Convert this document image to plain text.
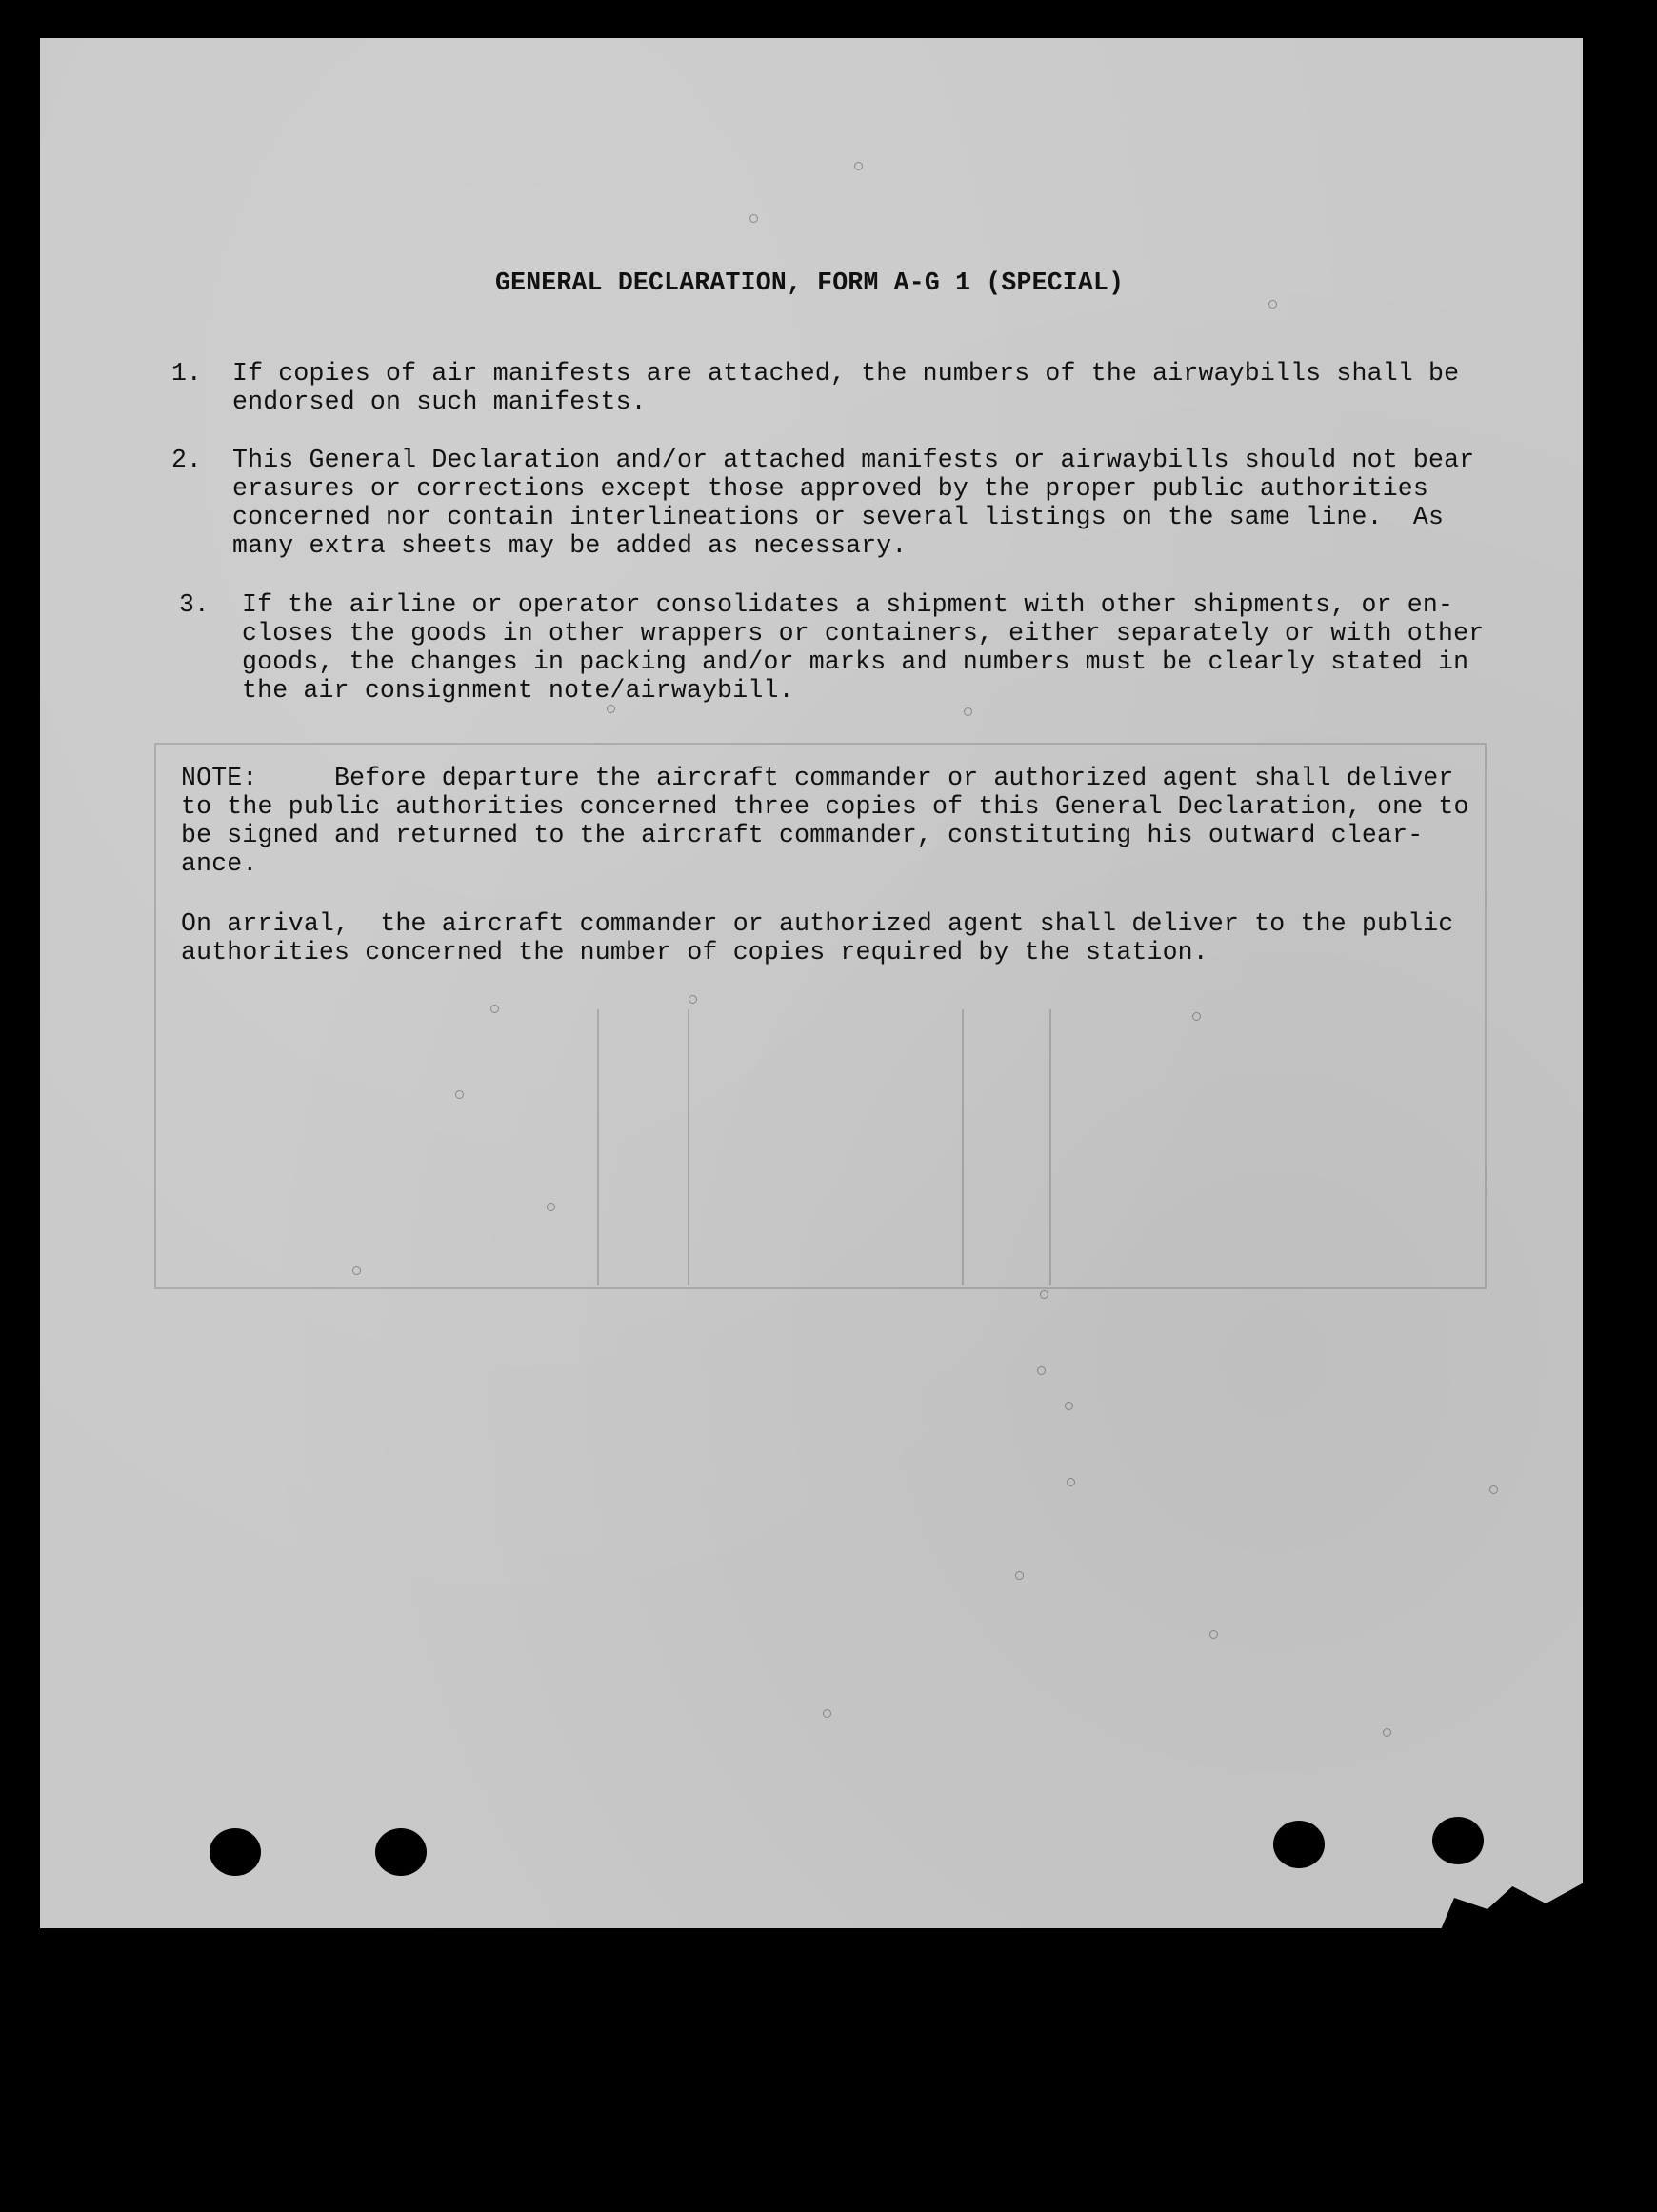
GENERAL DECLARATION, FORM A-G 1 (SPECIAL)
1. If copies of air manifests are attached, the numbers of the airwaybills shall be
endorsed on such manifests.
2. This General Declaration and/or attached manifests or airwaybills should not bear
erasures or corrections except those approved by the proper public authorities
concerned nor contain interlineations or several listings on the same line.  As
many extra sheets may be added as necessary.
3. If the airline or operator consolidates a shipment with other shipments, or en-
closes the goods in other wrappers or containers, either separately or with other
goods, the changes in packing and/or marks and numbers must be clearly stated in
the air consignment note/airwaybill.
NOTE:     Before departure the aircraft commander or authorized agent shall deliver
to the public authorities concerned three copies of this General Declaration, one to
be signed and returned to the aircraft commander, constituting his outward clear-
ance.
On arrival,  the aircraft commander or authorized agent shall deliver to the public
authorities concerned the number of copies required by the station.
